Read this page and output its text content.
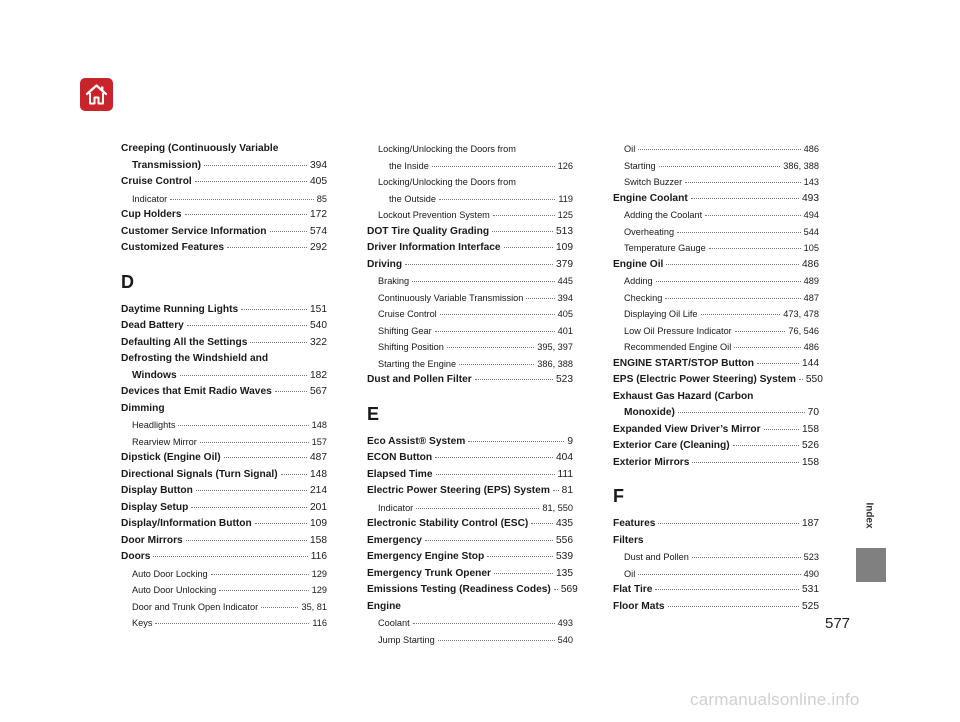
Creeping (Continuously Variable
Transmission)	394
Cruise Control	405
Indicator	85
Cup Holders	172
Customer Service Information	574
Customized Features	292
D
Daytime Running Lights	151
Dead Battery	540
Defaulting All the Settings	322
Defrosting the Windshield and
Windows	182
Devices that Emit Radio Waves	567
Dimming
Headlights	148
Rearview Mirror	157
Dipstick (Engine Oil)	487
Directional Signals (Turn Signal)	148
Display Button	214
Display Setup	201
Display/Information Button	109
Door Mirrors	158
Doors	116
Auto Door Locking	129
Auto Door Unlocking	129
Door and Trunk Open Indicator	35, 81
Keys	116
Locking/Unlocking the Doors from
the Inside	126
Locking/Unlocking the Doors from
the Outside	119
Lockout Prevention System	125
DOT Tire Quality Grading	513
Driver Information Interface	109
Driving	379
Braking	445
Continuously Variable Transmission	394
Cruise Control	405
Shifting Gear	401
Shifting Position	395, 397
Starting the Engine	386, 388
Dust and Pollen Filter	523
E
Eco Assist® System	9
ECON Button	404
Elapsed Time	111
Electric Power Steering (EPS) System 81
Indicator	81, 550
Electronic Stability Control (ESC)	435
Emergency	556
Emergency Engine Stop	539
Emergency Trunk Opener	135
Emissions Testing (Readiness Codes) 569
Engine
Coolant	493
Jump Starting	540
Oil	486
Starting	386, 388
Switch Buzzer	143
Engine Coolant	493
Adding the Coolant	494
Overheating	544
Temperature Gauge	105
Engine Oil	486
Adding	489
Checking	487
Displaying Oil Life	473, 478
Low Oil Pressure Indicator	76, 546
Recommended Engine Oil	486
ENGINE START/STOP Button	144
EPS (Electric Power Steering) System 550
Exhaust Gas Hazard (Carbon
Monoxide)	70
Expanded View Driver’s Mirror	158
Exterior Care (Cleaning)	526
Exterior Mirrors	158
F
Features	187
Filters
Dust and Pollen	523
Oil	490
Flat Tire	531
Floor Mats	525
Index
577
carmanualsonline.info
